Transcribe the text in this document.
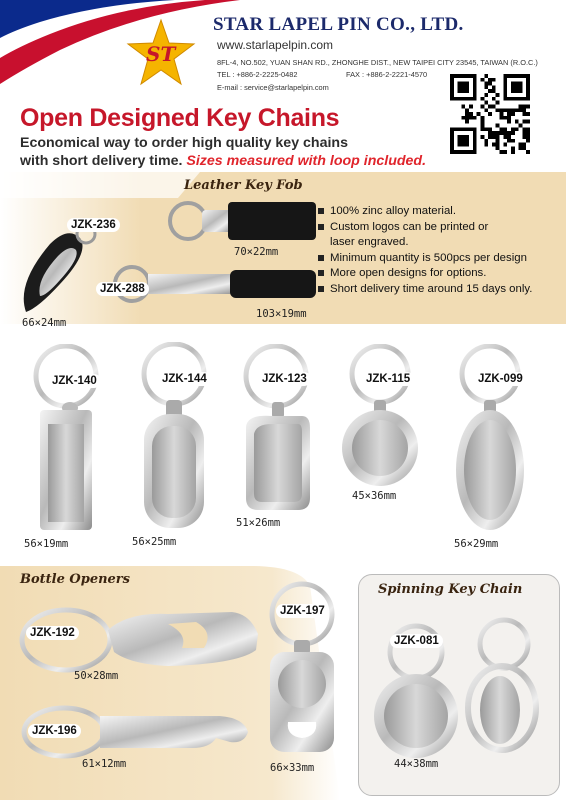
ST
STAR LAPEL PIN CO., LTD.
www.starlapelpin.com
8FL-4, NO.502, YUAN SHAN RD., ZHONGHE DIST., NEW TAIPEI CITY 23545, TAIWAN (R.O.C.)
TEL : +886-2-2225-0482	FAX : +886-2-2221-4570
E-mail : service@starlapelpin.com
Open Designed Key Chains
Economical way to order high quality key chains
with short delivery time. Sizes measured with loop included.
Leather Key Fob
JZK-236
66×24mm
70×22mm
JZK-288
103×19mm
100% zinc alloy material.
Custom logos can be printed or
laser engraved.
Minimum quantity is 500pcs per design
More open designs for options.
Short delivery time around 15 days only.
JZK-140
56×19mm
JZK-144
56×25mm
JZK-123
51×26mm
JZK-115
45×36mm
JZK-099
56×29mm
Bottle Openers
JZK-192
50×28mm
JZK-196
61×12mm
JZK-197
66×33mm
Spinning Key Chain
JZK-081
44×38mm
